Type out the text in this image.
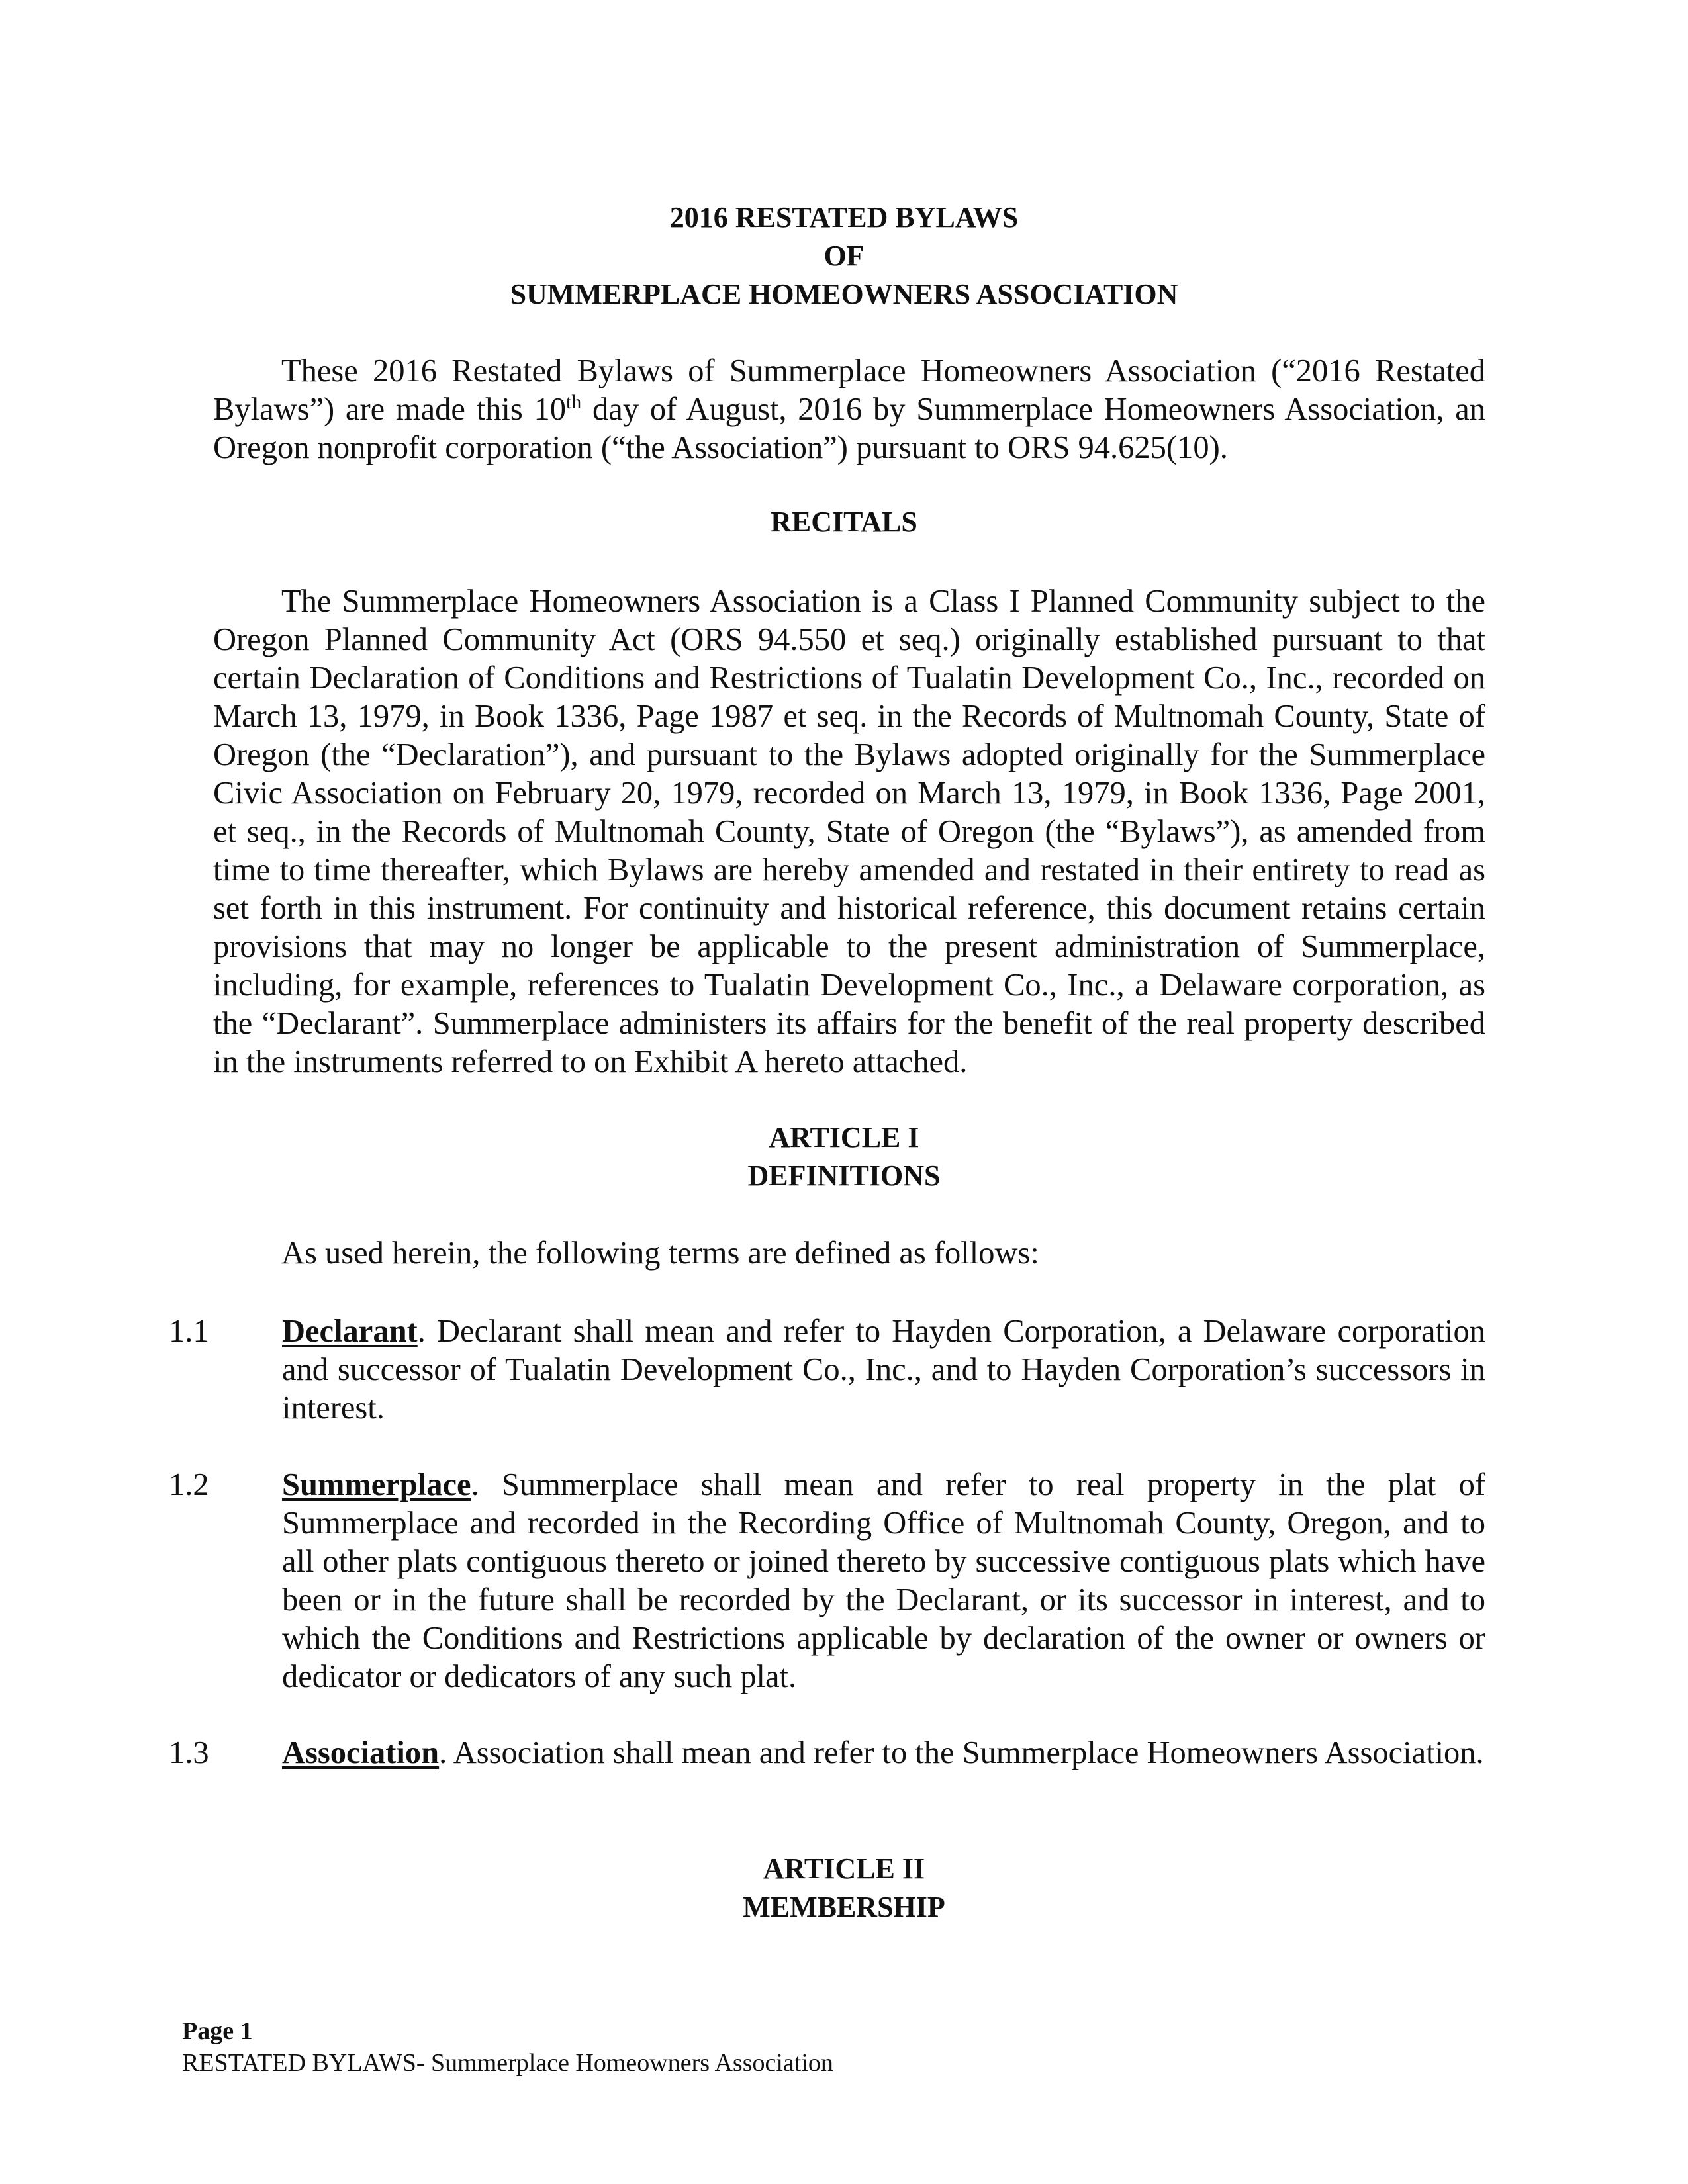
2016 RESTATED BYLAWS
OF
SUMMERPLACE HOMEOWNERS ASSOCIATION

These 2016 Restated Bylaws of Summerplace Homeowners Association (“2016 Restated Bylaws”) are made this 10th day of August, 2016 by Summerplace Homeowners Association, an Oregon nonprofit corporation (“the Association”) pursuant to ORS 94.625(10).

RECITALS

The Summerplace Homeowners Association is a Class I Planned Community subject to the Oregon Planned Community Act (ORS 94.550 et seq.) originally established pursuant to that certain Declaration of Conditions and Restrictions of Tualatin Development Co., Inc., recorded on March 13, 1979, in Book 1336, Page 1987 et seq. in the Records of Multnomah County, State of Oregon (the “Declaration”), and pursuant to the Bylaws adopted originally for the Summerplace Civic Association on February 20, 1979, recorded on March 13, 1979, in Book 1336, Page 2001, et seq., in the Records of Multnomah County, State of Oregon (the “Bylaws”), as amended from time to time thereafter, which Bylaws are hereby amended and restated in their entirety to read as set forth in this instrument. For continuity and historical reference, this document retains certain provisions that may no longer be applicable to the present administration of Summerplace, including, for example, references to Tualatin Development Co., Inc., a Delaware corporation, as the “Declarant”. Summerplace administers its affairs for the benefit of the real property described in the instruments referred to on Exhibit A hereto attached.

ARTICLE I
DEFINITIONS
As used herein, the following terms are defined as follows:
1.1 Declarant. Declarant shall mean and refer to Hayden Corporation, a Delaware corporation and successor of Tualatin Development Co., Inc., and to Hayden Corporation’s successors in interest.
1.2 Summerplace. Summerplace shall mean and refer to real property in the plat of Summerplace and recorded in the Recording Office of Multnomah County, Oregon, and to all other plats contiguous thereto or joined thereto by successive contiguous plats which have been or in the future shall be recorded by the Declarant, or its successor in interest, and to which the Conditions and Restrictions applicable by declaration of the owner or owners or dedicator or dedicators of any such plat.
1.3 Association. Association shall mean and refer to the Summerplace Homeowners Association.
ARTICLE II
MEMBERSHIP
Page 1
RESTATED BYLAWS- Summerplace Homeowners Association
